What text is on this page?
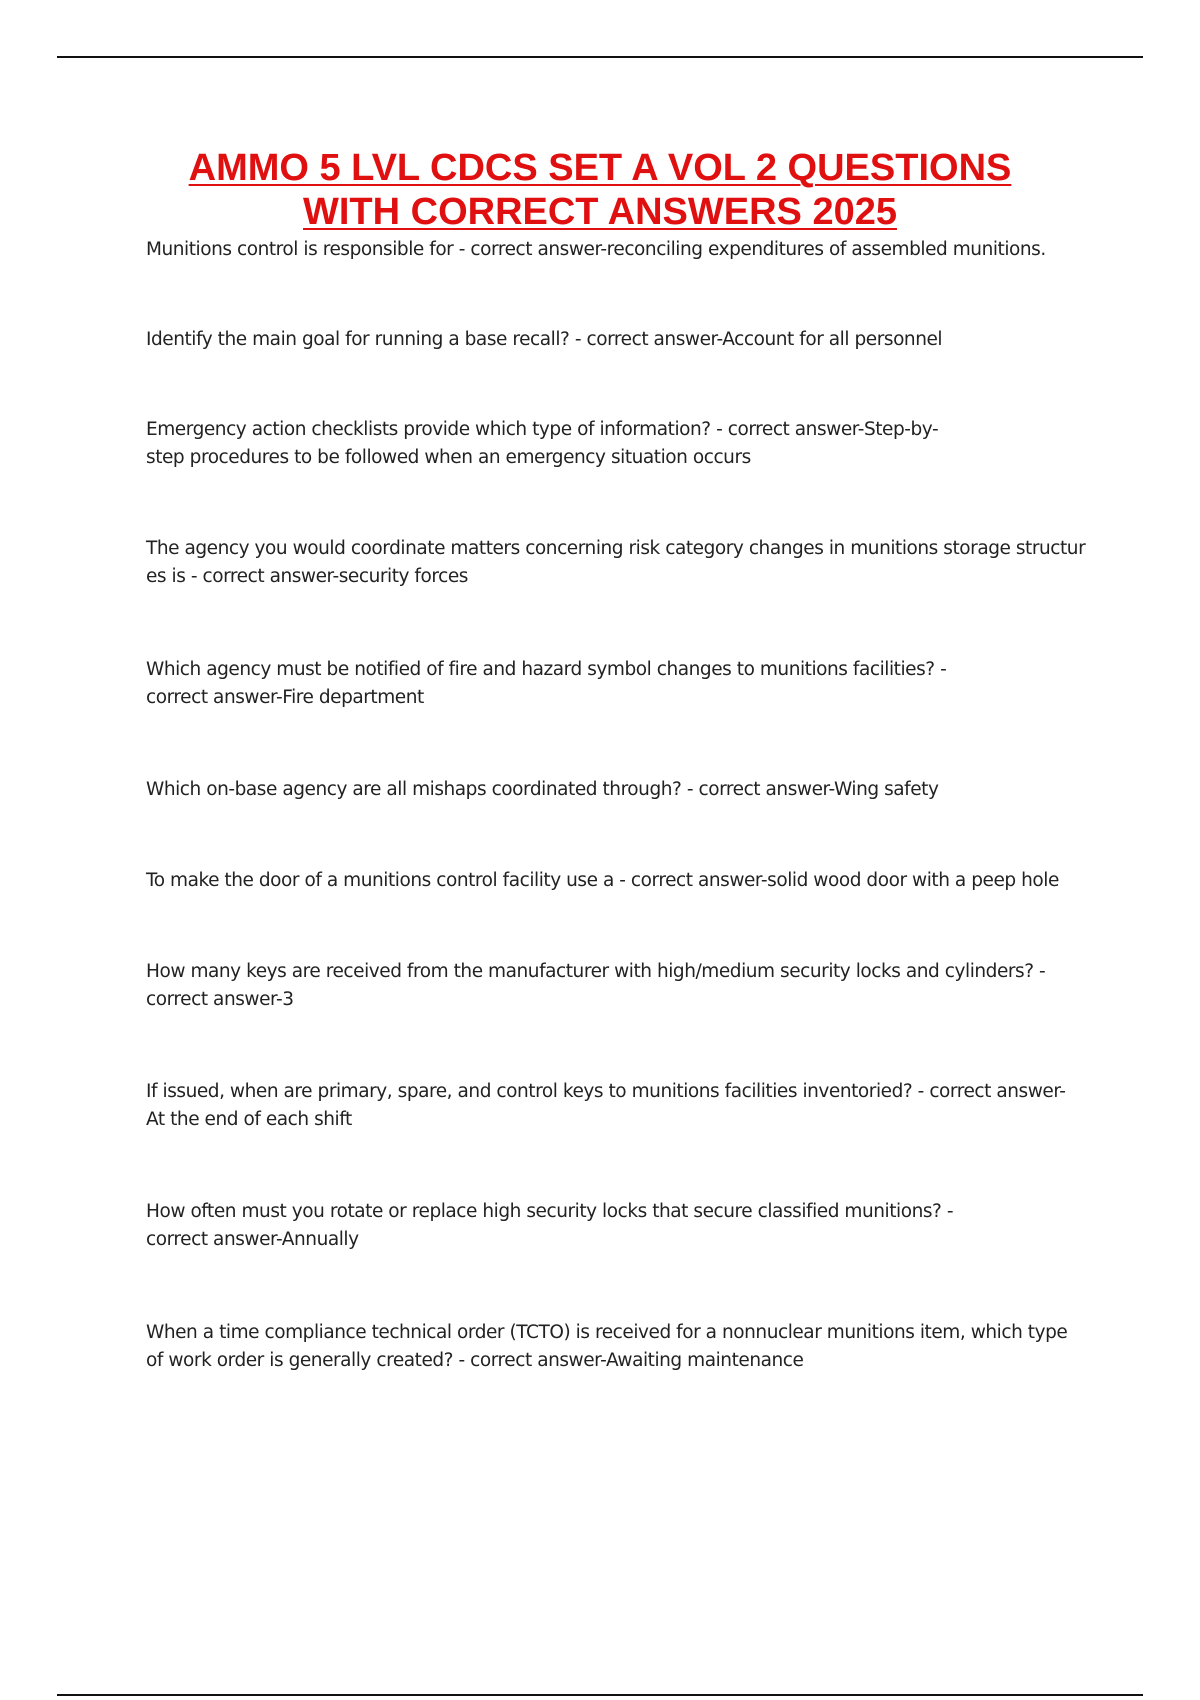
AMMO 5 LVL CDCS SET A VOL 2 QUESTIONS
WITH CORRECT ANSWERS 2025
Munitions control is responsible for - correct answer-reconciling expenditures of assembled munitions.
Identify the main goal for running a base recall? - correct answer-Account for all personnel
Emergency action checklists provide which type of information? - correct answer-Step-by-
step procedures to be followed when an emergency situation occurs
The agency you would coordinate matters concerning risk category changes in munitions storage structur
es is - correct answer-security forces
Which agency must be notified of fire and hazard symbol changes to munitions facilities? -
correct answer-Fire department
Which on-base agency are all mishaps coordinated through? - correct answer-Wing safety
To make the door of a munitions control facility use a - correct answer-solid wood door with a peep hole
How many keys are received from the manufacturer with high/medium security locks and cylinders? -
correct answer-3
If issued, when are primary, spare, and control keys to munitions facilities inventoried? - correct answer-
At the end of each shift
How often must you rotate or replace high security locks that secure classified munitions? -
correct answer-Annually
When a time compliance technical order (TCTO) is received for a nonnuclear munitions item, which type
of work order is generally created? - correct answer-Awaiting maintenance
